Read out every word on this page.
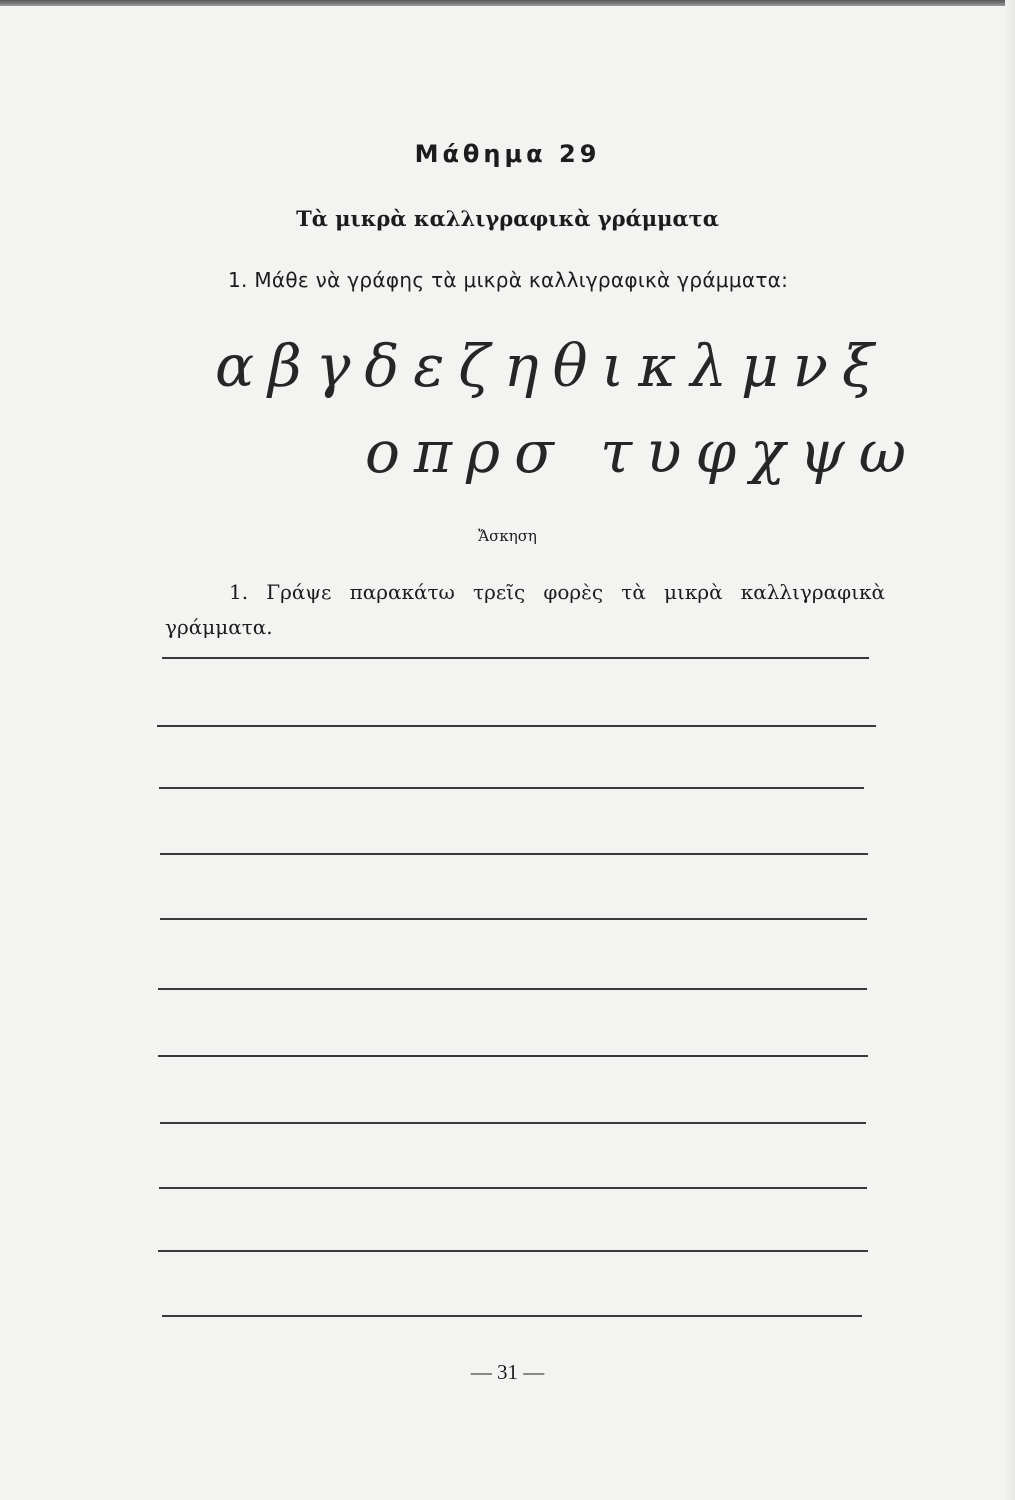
Μάθημα 29
Τὰ μικρὰ καλλιγραφικὰ γράμματα
1. Μάθε νὰ γράφης τὰ μικρὰ καλλιγραφικὰ γράμματα:
αβγδεζηθικλμνξ
οπρσ τυφχψω
Ἄσκηση
1. Γράψε παρακάτω τρεῖς φορὲς τὰ μικρὰ καλλιγραφικὰ γράμματα.
— 31 —
